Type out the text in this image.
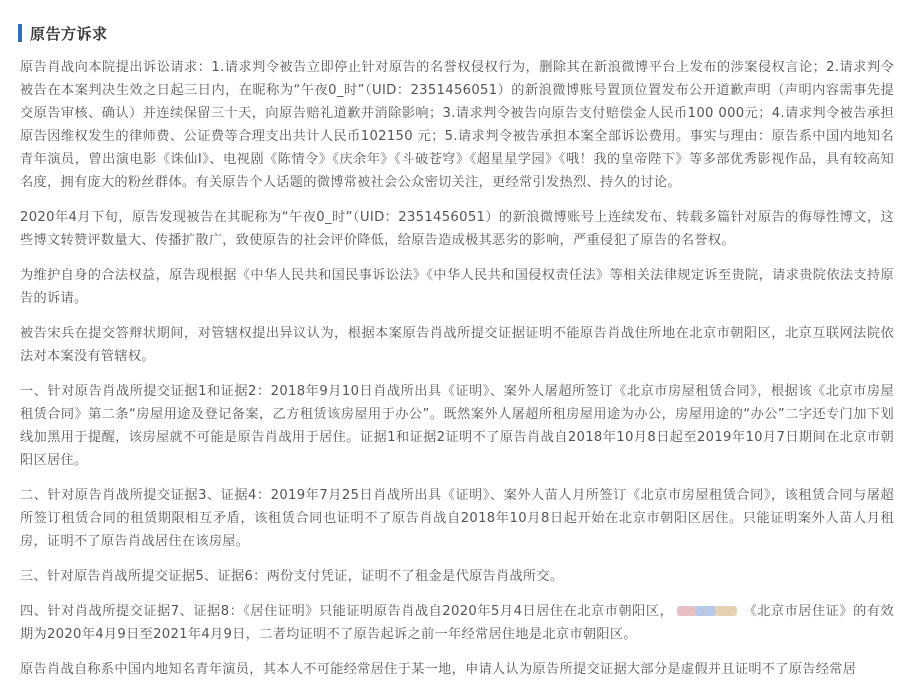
原告方诉求

原告肖战向本院提出诉讼请求：1.请求判令被告立即停止针对原告的名誉权侵权行为，删除其在新浪微博平台上发布的涉案侵权言论；2.请求判令被告在本案判决生效之日起三日内，在昵称为“午夜0_时”（UID：2351456051）的新浪微博账号置顶位置发布公开道歉声明（声明内容需事先提交原告审核、确认）并连续保留三十天，向原告赔礼道歉并消除影响；3.请求判令被告向原告支付赔偿金人民币100 000元；4.请求判令被告承担原告因维权发生的律师费、公证费等合理支出共计人民币102150 元；5.请求判令被告承担本案全部诉讼费用。事实与理由：原告系中国内地知名青年演员，曾出演电影《诛仙Ⅰ》、电视剧《陈情令》《庆余年》《斗破苍穹》《超星星学园》《哦！我的皇帝陛下》等多部优秀影视作品，具有较高知名度，拥有庞大的粉丝群体。有关原告个人话题的微博常被社会公众密切关注，更经常引发热烈、持久的讨论。

2020年4月下旬，原告发现被告在其昵称为“午夜0_时”（UID：2351456051）的新浪微博账号上连续发布、转载多篇针对原告的侮辱性博文，这些博文转赞评数量大、传播扩散广，致使原告的社会评价降低，给原告造成极其恶劣的影响，严重侵犯了原告的名誉权。

为维护自身的合法权益，原告现根据《中华人民共和国民事诉讼法》《中华人民共和国侵权责任法》等相关法律规定诉至贵院，请求贵院依法支持原告的诉请。

被告宋兵在提交答辩状期间，对管辖权提出异议认为，根据本案原告肖战所提交证据证明不能原告肖战住所地在北京市朝阳区，北京互联网法院依法对本案没有管辖权。

一、针对原告肖战所提交证据1和证据2：2018年9月10日肖战所出具《证明》、案外人屠超所签订《北京市房屋租赁合同》，根据该《北京市房屋租赁合同》第二条“房屋用途及登记备案，乙方租赁该房屋用于办公”。既然案外人屠超所租房屋用途为办公，房屋用途的“办公”二字还专门加下划线加黑用于提醒，该房屋就不可能是原告肖战用于居住。证据1和证据2证明不了原告肖战自2018年10月8日起至2019年10月7日期间在北京市朝阳区居住。

二、针对原告肖战所提交证据3、证据4：2019年7月25日肖战所出具《证明》、案外人苗人月所签订《北京市房屋租赁合同》，该租赁合同与屠超所签订租赁合同的租赁期限相互矛盾，该租赁合同也证明不了原告肖战自2018年10月8日起开始在北京市朝阳区居住。只能证明案外人苗人月租房，证明不了原告肖战居住在该房屋。

三、针对原告肖战所提交证据5、证据6：两份支付凭证，证明不了租金是代原告肖战所交。

四、针对肖战所提交证据7、证据8：《居住证明》只能证明原告肖战自2020年5月4日居住在北京市朝阳区，	《北京市居住证》的有效期为2020年4月9日至2021年4月9日，二者均证明不了原告起诉之前一年经常居住地是北京市朝阳区。

原告肖战自称系中国内地知名青年演员，其本人不可能经常居住于某一地，申请人认为原告所提交证据大部分是虚假并且证明不了原告经常居
